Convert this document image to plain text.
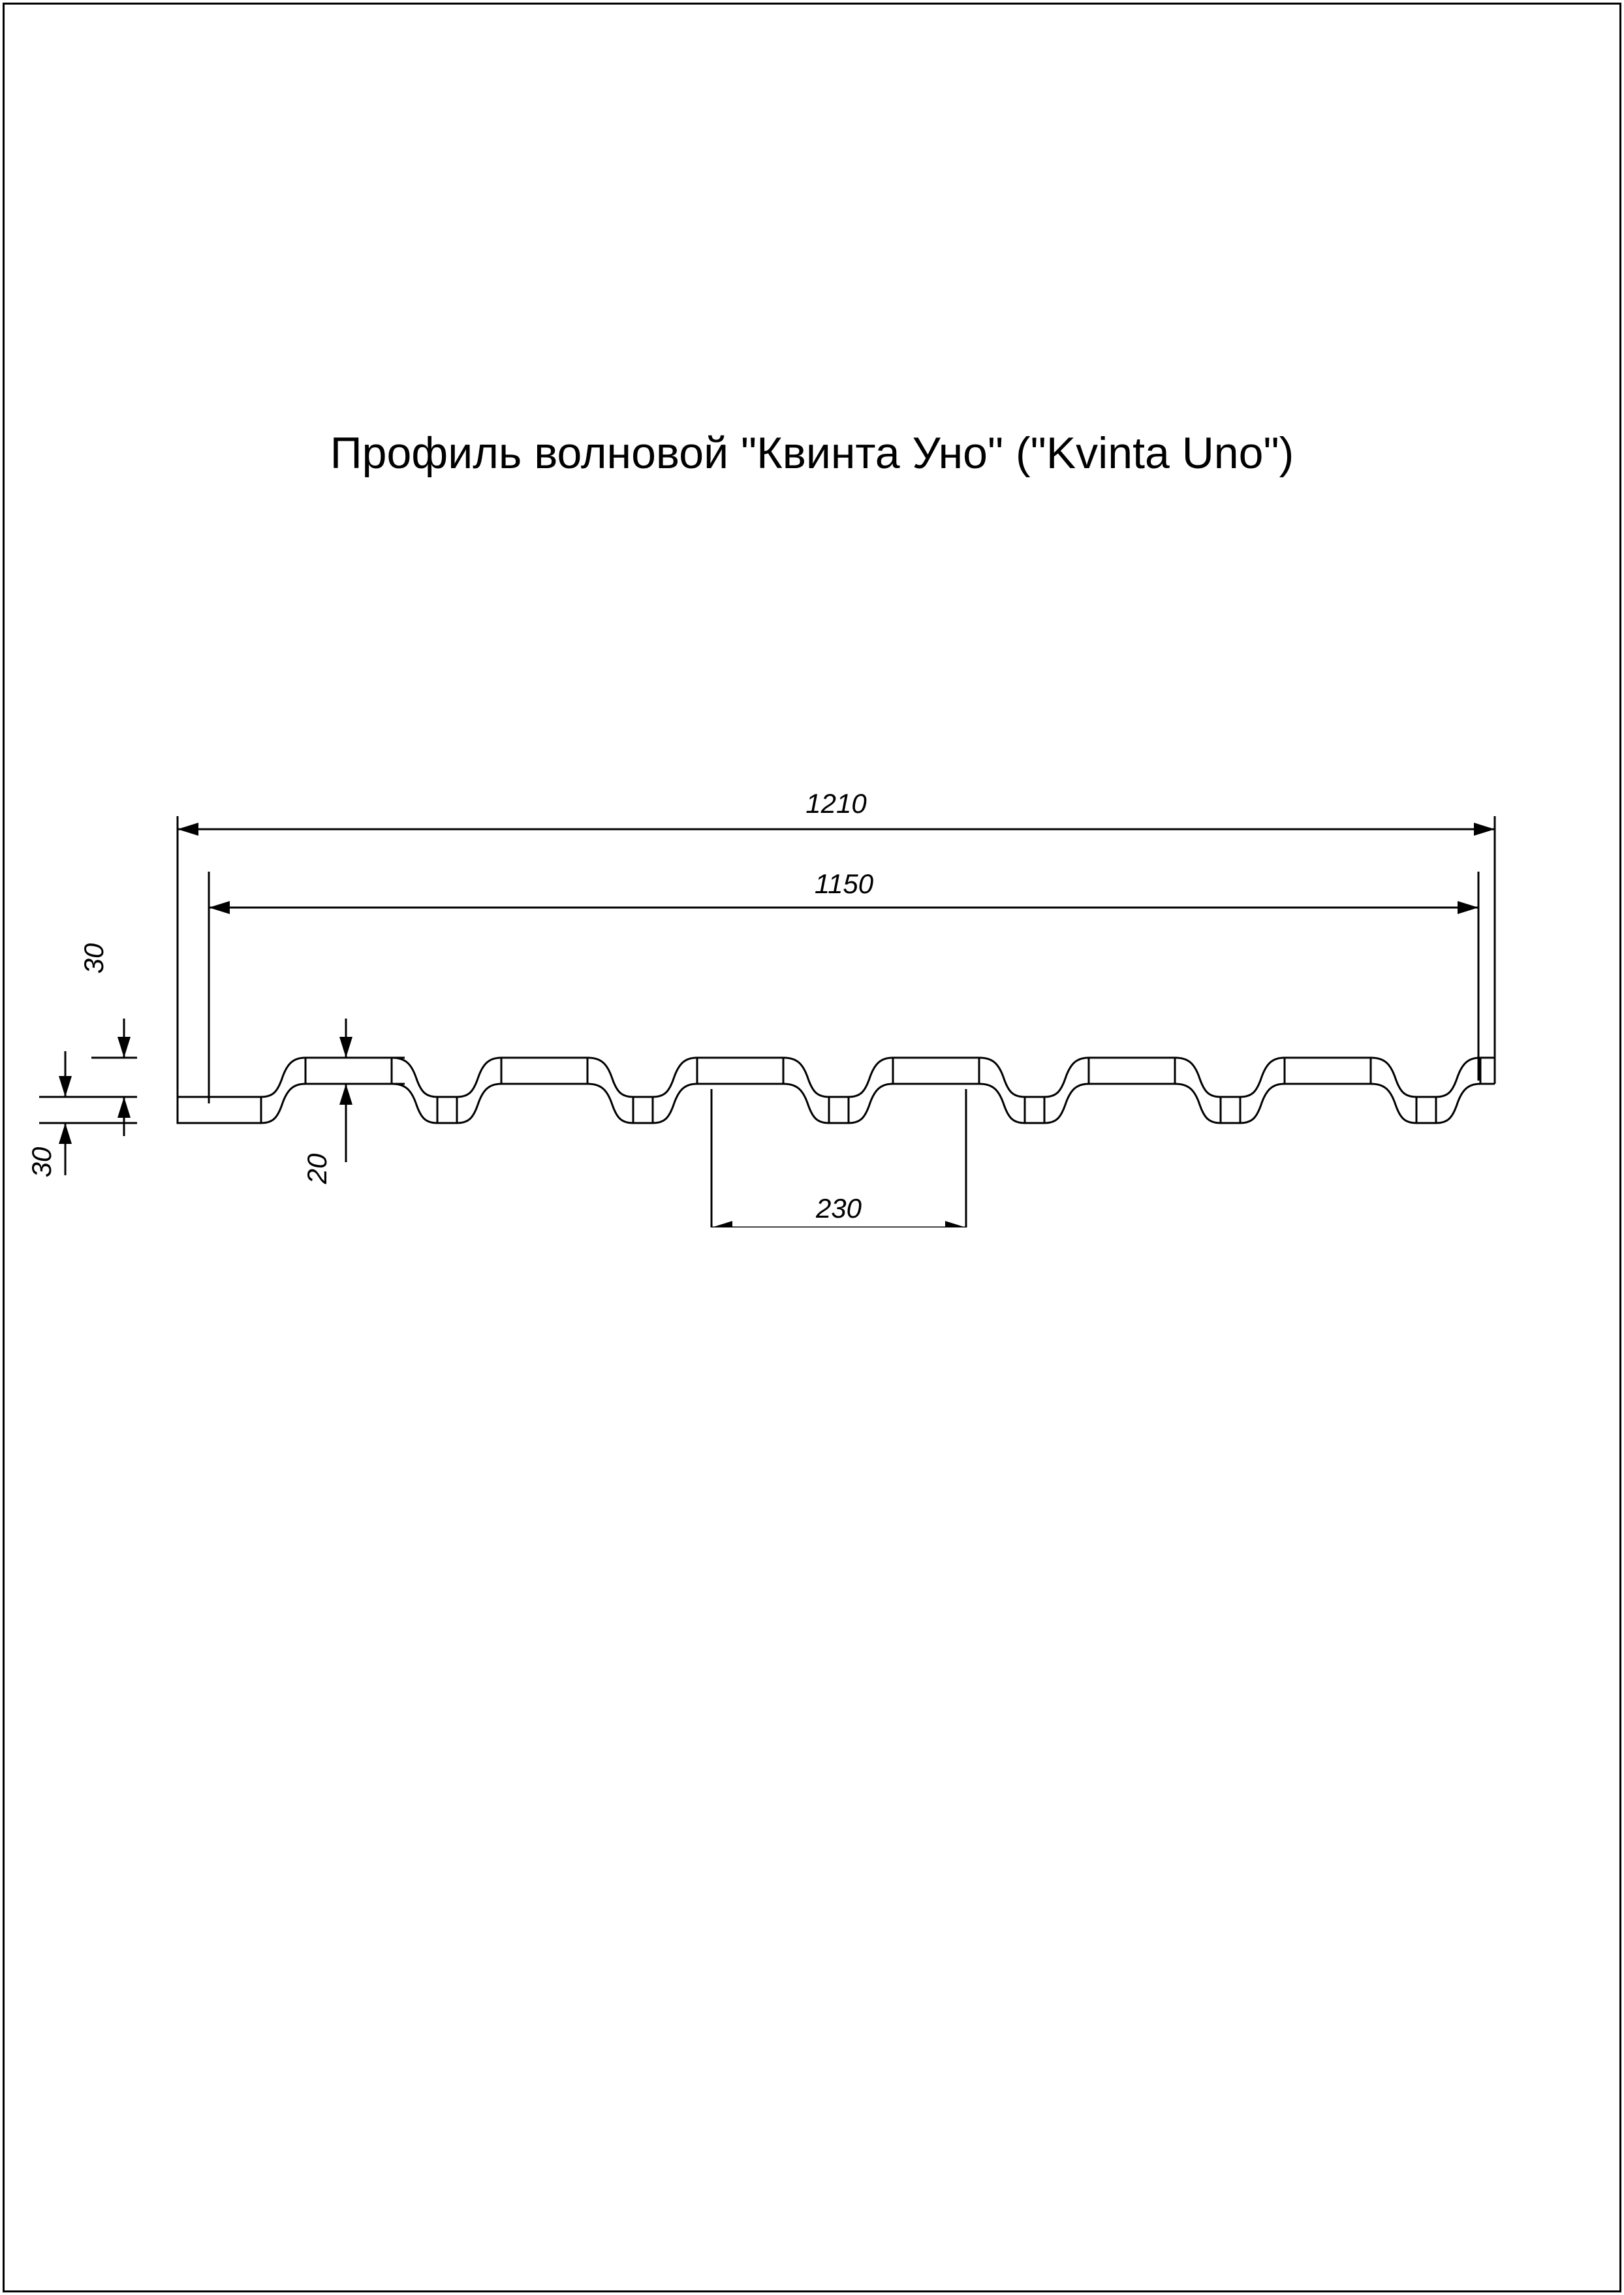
Профиль волновой "Квинта Уно" ("Kvinta Uno")
1210
1150
230
30
30	20
